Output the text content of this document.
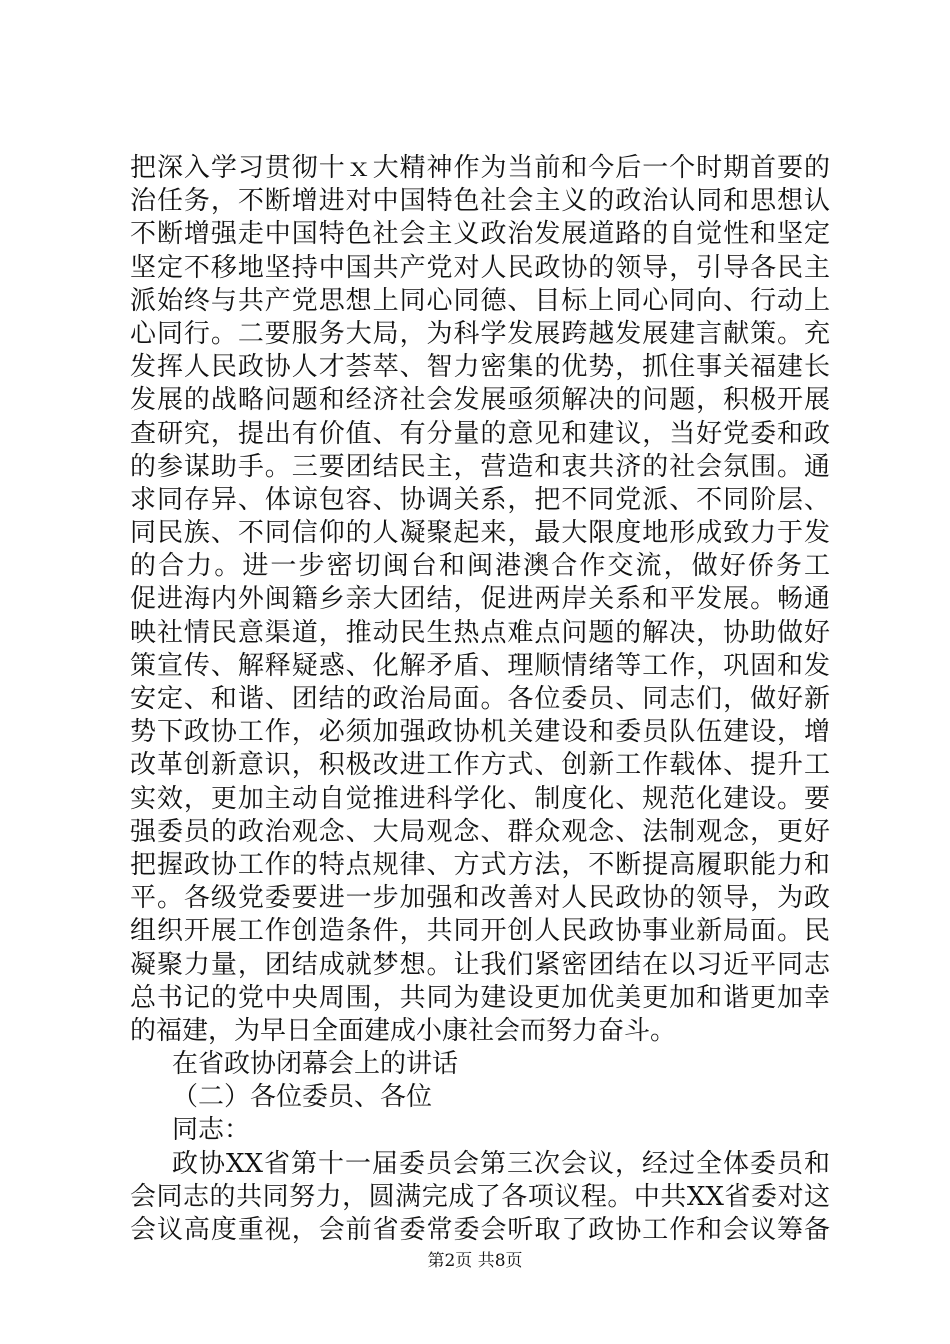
把深入学习贯彻十ｘ大精神作为当前和今后一个时期首要的
治任务，不断增进对中国特色社会主义的政治认同和思想认
不断增强走中国特色社会主义政治发展道路的自觉性和坚定
坚定不移地坚持中国共产党对人民政协的领导，引导各民主
派始终与共产党思想上同心同德、目标上同心同向、行动上
心同行。二要服务大局，为科学发展跨越发展建言献策。充
发挥人民政协人才荟萃、智力密集的优势，抓住事关福建长
发展的战略问题和经济社会发展亟须解决的问题，积极开展
查研究，提出有价值、有分量的意见和建议，当好党委和政
的参谋助手。三要团结民主，营造和衷共济的社会氛围。通
求同存异、体谅包容、协调关系，把不同党派、不同阶层、
同民族、不同信仰的人凝聚起来，最大限度地形成致力于发
的合力。进一步密切闽台和闽港澳合作交流，做好侨务工
促进海内外闽籍乡亲大团结，促进两岸关系和平发展。畅通
映社情民意渠道，推动民生热点难点问题的解决，协助做好
策宣传、解释疑惑、化解矛盾、理顺情绪等工作，巩固和发
安定、和谐、团结的政治局面。各位委员、同志们，做好新
势下政协工作，必须加强政协机关建设和委员队伍建设，增
改革创新意识，积极改进工作方式、创新工作载体、提升工
实效，更加主动自觉推进科学化、制度化、规范化建设。要
强委员的政治观念、大局观念、群众观念、法制观念，更好
把握政协工作的特点规律、方式方法，不断提高履职能力和
平。各级党委要进一步加强和改善对人民政协的领导，为政
组织开展工作创造条件，共同开创人民政协事业新局面。民
凝聚力量，团结成就梦想。让我们紧密团结在以习近平同志
总书记的党中央周围，共同为建设更加优美更加和谐更加幸
的福建，为早日全面建成小康社会而努力奋斗。
在省政协闭幕会上的讲话
（二）各位委员、各位
同志：
政协XX省第十一届委员会第三次会议，经过全体委员和
会同志的共同努力，圆满完成了各项议程。中共XX省委对这
会议高度重视，会前省委常委会听取了政协工作和会议筹备
第2页 共8页
